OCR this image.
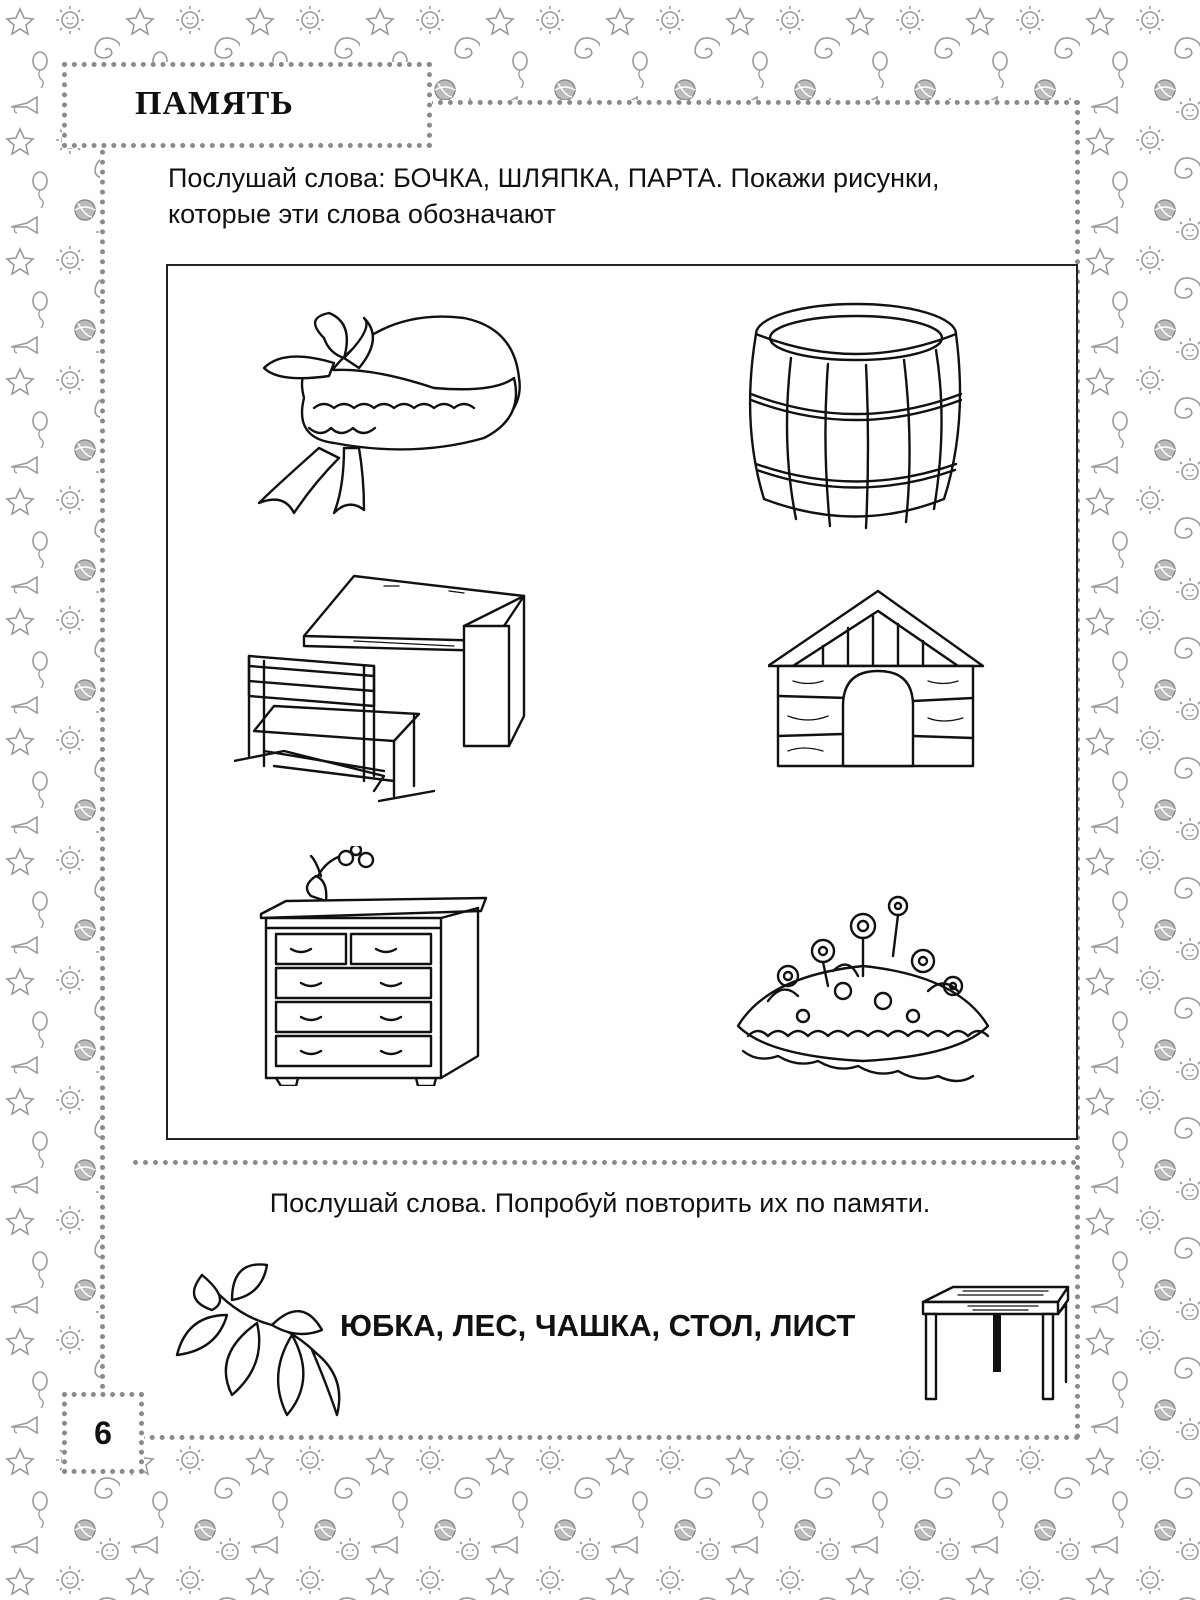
ПАМЯТЬ
Послушай слова: БОЧКА, ШЛЯПКА, ПАРТА. Покажи рисунки, которые эти слова обозначают
Послушай слова. Попробуй повторить их по памяти.
ЮБКА, ЛЕС, ЧАШКА, СТОЛ, ЛИСТ
6
